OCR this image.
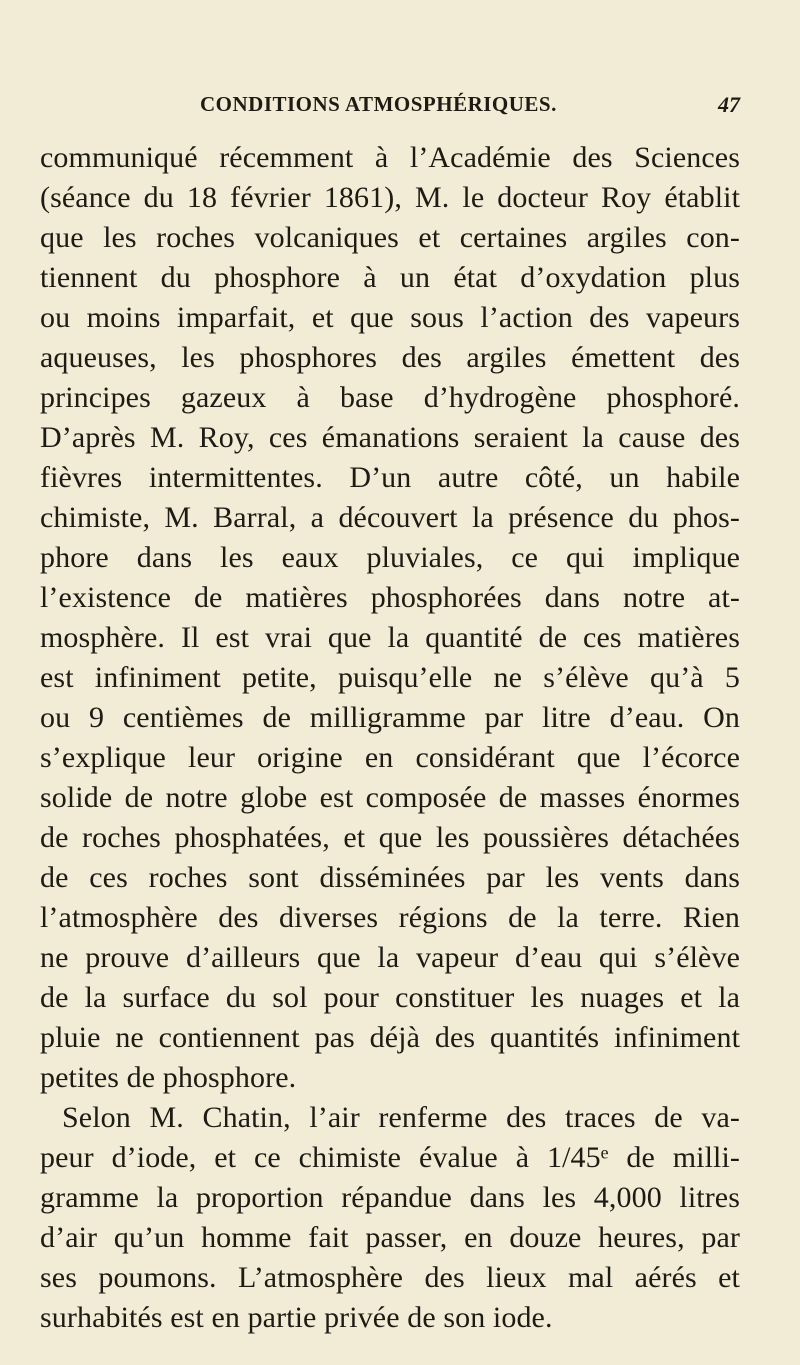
CONDITIONS ATMOSPHÉRIQUES.	47
communiqué récemment à l’Académie des Sciences
(séance du 18 février 1861), M. le docteur Roy établit
que les roches volcaniques et certaines argiles con-
tiennent du phosphore à un état d’oxydation plus
ou moins imparfait, et que sous l’action des vapeurs
aqueuses, les phosphores des argiles émettent des
principes gazeux à base d’hydrogène phosphoré.
D’après M. Roy, ces émanations seraient la cause des
fièvres intermittentes. D’un autre côté, un habile
chimiste, M. Barral, a découvert la présence du phos-
phore dans les eaux pluviales, ce qui implique
l’existence de matières phosphorées dans notre at-
mosphère. Il est vrai que la quantité de ces matières
est infiniment petite, puisqu’elle ne s’élève qu’à 5
ou 9 centièmes de milligramme par litre d’eau. On
s’explique leur origine en considérant que l’écorce
solide de notre globe est composée de masses énormes
de roches phosphatées, et que les poussières détachées
de ces roches sont disséminées par les vents dans
l’atmosphère des diverses régions de la terre. Rien
ne prouve d’ailleurs que la vapeur d’eau qui s’élève
de la surface du sol pour constituer les nuages et la
pluie ne contiennent pas déjà des quantités infiniment
petites de phosphore.
Selon M. Chatin, l’air renferme des traces de va-
peur d’iode, et ce chimiste évalue à 1/45ᵉ de milli-
gramme la proportion répandue dans les 4,000 litres
d’air qu’un homme fait passer, en douze heures, par
ses poumons. L’atmosphère des lieux mal aérés et
surhabités est en partie privée de son iode.
